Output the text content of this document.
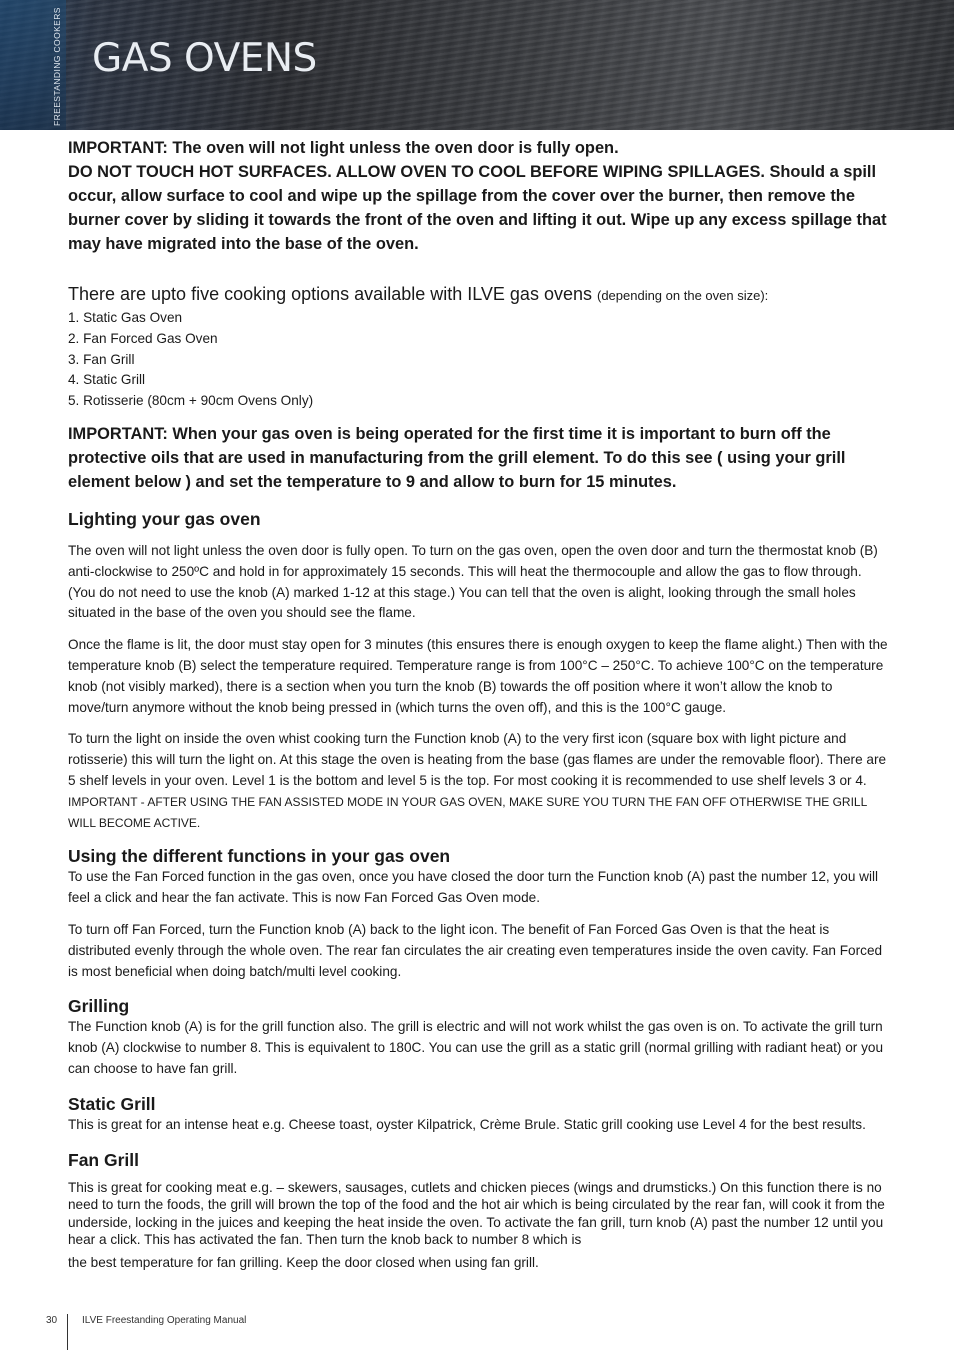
FREESTANDING COOKERS GAS OVENS

IMPORTANT: The oven will not light unless the oven door is fully open.

DO NOT TOUCH HOT SURFACES. ALLOW OVEN TO COOL BEFORE WIPING SPILLAGES. Should a spill occur, allow surface to cool and wipe up the spillage from the cover over the burner, then remove the burner cover by sliding it towards the front of the oven and lifting it out. Wipe up any excess spillage that may have migrated into the base of the oven.

There are upto five cooking options available with ILVE gas ovens (depending on the oven size):

1. Static Gas Oven
2. Fan Forced Gas Oven
3. Fan Grill
4. Static Grill
5. Rotisserie (80cm + 90cm Ovens Only)

IMPORTANT: When your gas oven is being operated for the first time it is important to burn off the protective oils that are used in manufacturing from the grill element. To do this see ( using your grill element below ) and set the temperature to 9 and allow to burn for 15 minutes.

Lighting your gas oven

The oven will not light unless the oven door is fully open. To turn on the gas oven, open the oven door and turn the thermostat knob (B) anti-clockwise to 250ºC and hold in for approximately 15 seconds. This will heat the thermocouple and allow the gas to flow through. (You do not need to use the knob (A) marked 1-12 at this stage.) You can tell that the oven is alight, looking through the small holes situated in the base of the oven you should see the flame.

Once the flame is lit, the door must stay open for 3 minutes (this ensures there is enough oxygen to keep the flame alight.) Then with the temperature knob (B) select the temperature required. Temperature range is from 100°C – 250°C. To achieve 100°C on the temperature knob (not visibly marked), there is a section when you turn the knob (B) towards the off position where it won’t allow the knob to move/turn anymore without the knob being pressed in (which turns the oven off), and this is the 100°C gauge.

To turn the light on inside the oven whist cooking turn the Function knob (A) to the very first icon (square box with light picture and rotisserie) this will turn the light on. At this stage the oven is heating from the base (gas flames are under the removable floor). There are 5 shelf levels in your oven. Level 1 is the bottom and level 5 is the top. For most cooking it is recommended to use shelf levels 3 or 4. IMPORTANT - AFTER USING THE FAN ASSISTED MODE IN YOUR GAS OVEN, MAKE SURE YOU TURN THE FAN OFF OTHERWISE THE GRILL WILL BECOME ACTIVE.

Using the different functions in your gas oven

To use the Fan Forced function in the gas oven, once you have closed the door turn the Function knob (A) past the number 12, you will feel a click and hear the fan activate. This is now Fan Forced Gas Oven mode.

To turn off Fan Forced, turn the Function knob (A) back to the light icon. The benefit of Fan Forced Gas Oven is that the heat is distributed evenly through the whole oven. The rear fan circulates the air creating even temperatures inside the oven cavity. Fan Forced is most beneficial when doing batch/multi level cooking.

Grilling

The Function knob (A) is for the grill function also. The grill is electric and will not work whilst the gas oven is on. To activate the grill turn knob (A) clockwise to number 8. This is equivalent to 180C. You can use the grill as a static grill (normal grilling with radiant heat) or you can choose to have fan grill.

Static Grill

This is great for an intense heat e.g. Cheese toast, oyster Kilpatrick, Crème Brule. Static grill cooking use Level 4 for the best results.

Fan Grill

This is great for cooking meat e.g. – skewers, sausages, cutlets and chicken pieces (wings and drumsticks.) On this function there is no need to turn the foods, the grill will brown the top of the food and the hot air which is being circulated by the rear fan, will cook it from the underside, locking in the juices and keeping the heat inside the oven. To activate the fan grill, turn knob (A) past the number 12 until you hear a click. This has activated the fan. Then turn the knob back to number 8 which is

the best temperature for fan grilling. Keep the door closed when using fan grill.

30 ILVE Freestanding Operating Manual
